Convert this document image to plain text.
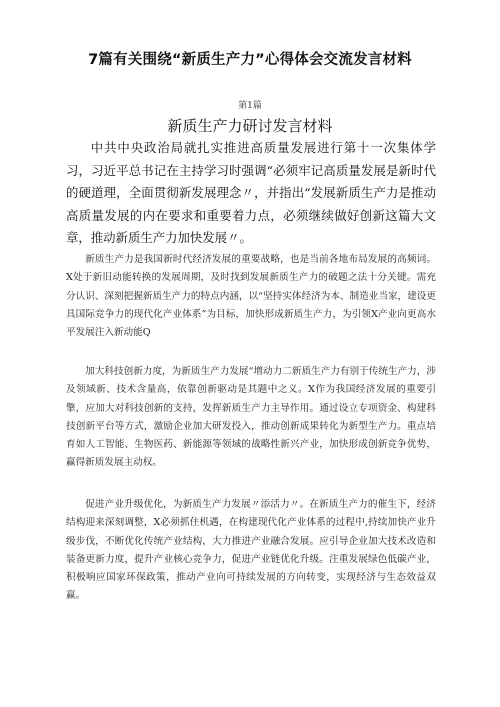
7篇有关围绕“新质生产力”心得体会交流发言材料
第1篇
新质生产力研讨发言材料

中共中央政治局就扎实推进高质量发展进行第十一次集体学习，习近平总书记在主持学习时强调“必须牢记高质量发展是新时代的硬道理，全面贯彻新发展理念〃，并指出“发展新质生产力是推动高质量发展的内在要求和重要着力点，必须继续做好创新这篇大文章，推动新质生产力加快发展〃。

新质生产力是我国新时代经济发展的重要战略，也是当前各地布局发展的高频词。X处于新旧动能转换的发展周期，及时找到发展新质生产力的破题之法十分关键。需充分认识、深刻把握新质生产力的特点内涵，以“坚持实体经济为本、制造业当家，建设更具国际竞争力的现代化产业体系”为目标，加快形成新质生产力，为引领X产业向更高水平发展注入新动能Q

加大科技创新力度，为新质生产力发展“增动力二新质生产力有别于传统生产力，涉及领域新、技术含量高，依靠创新驱动是其题中之义。X作为我国经济发展的重要引擎，应加大对科技创新的支持，发挥新质生产力主导作用。通过设立专项资金、构建科技创新平台等方式，激励企业加大研发投入，推动创新成果转化为新型生产力。重点培育如人工智能、生物医药、新能源等领域的战略性新兴产业，加快形成创新竞争优势，赢得新质发展主动权。

促进产业升级优化，为新质生产力发展〃添活力〃。在新质生产力的催生下，经济结构迎来深刻调整，X必须抓住机遇，在构建现代化产业体系的过程中,持续加快产业升级步伐，不断优化传统产业结构，大力推进产业融合发展。应引导企业加大技术改造和装备更新力度，提升产业核心竞争力，促进产业链优化升级。注重发展绿色低碳产业，积极响应国家环保政策，推动产业向可持续发展的方向转变，实现经济与生态效益双赢。
